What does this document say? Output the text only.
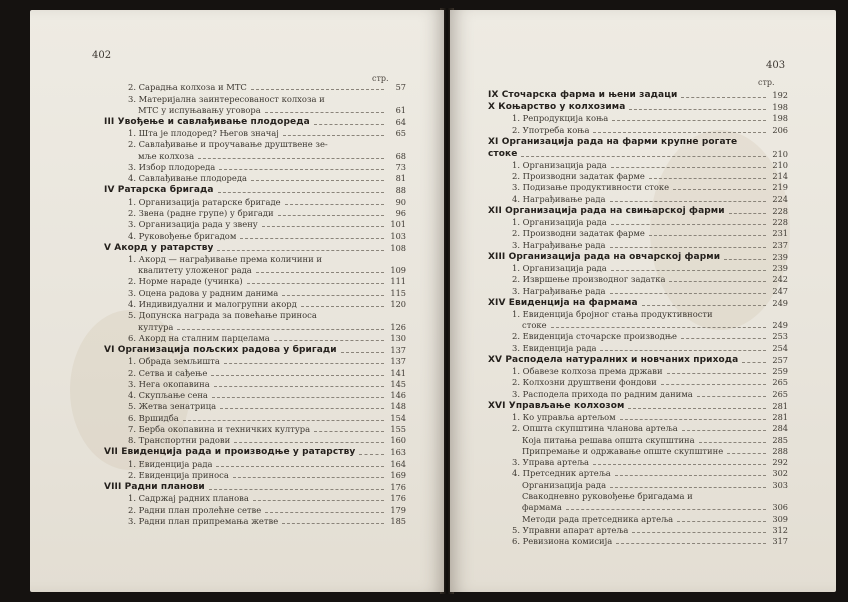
402
стр.
2. Сарадња колхоза и МТС	57
3. Материјална заинтересованост колхоза и
МТС у испуњавању уговора	61
III Увођење и савлађивање плодореда	64
1. Шта је плодоред? Његов значај	65
2. Савлађивање и проучавање друштвене зе-
мље колхоза	68
3. Избор плодореда	73
4. Савлађивање плодореда	81
IV Ратарска бригада	88
1. Организација ратарске бригаде	90
2. Звена (радне групе) у бригади	96
3. Организација рада у звену	101
4. Руковођење бригадом	103
V Акорд у ратарству	108
1. Акорд — награђивање према количини и
квалитету уложеног рада	109
2. Норме нараде (учинка)	111
3. Оцена радова у радним данима	115
4. Индивидуални и малогрупни акорд	120
5. Допунска награда за повећање приноса
култура	126
6. Акорд на сталним парцелама	130
VI Организација пољских радова у бригади	137
1. Обрада земљишта	137
2. Сетва и сађење	141
3. Нега окопавина	145
4. Скупљање сена	146
5. Жетва зенатрица	148
6. Вршидба	154
7. Берба окопавина и техничких култура	155
8. Транспортни радови	160
VII Евиденција рада и производње у ратарству	163
1. Евиденција рада	164
2. Евиденција приноса	169
VIII Радни планови	176
1. Садржај радних планова	176
2. Радни план пролећне сетве	179
3. Радни план припремања жетве	185
403
стр.
IX Сточарска фарма и њени задаци	192
X Коњарство у колхозима	198
1. Репродукција коња	198
2. Употреба коња	206
XI Организација рада на фарми крупне рогате
стоке	210
1. Организација рада	210
2. Производни задатак фарме	214
3. Подизање продуктивности стоке	219
4. Награђивање рада	224
XII Организација рада на свињарској фарми	228
1. Организација рада	228
2. Производни задатак фарме	231
3. Награђивање рада	237
XIII Организација рада на овчарској фарми	239
1. Организација рада	239
2. Извршење производног задатка	242
3. Награђивање рада	247
XIV Евиденција на фармама	249
1. Евиденција бројног стања продуктивности
стоке	249
2. Евиденција сточарске производње	253
3. Евиденција рада	254
XV Расподела натуралних и новчаних прихода	257
1. Обавезе колхоза према држави	259
2. Колхозни друштвени фондови	265
3. Расподела прихода по радним данима	265
XVI Управљање колхозом	281
1. Ко управља артељом	281
2. Општа скупштина чланова артеља	284
Која питања решава општа скупштина	285
Припремање и одржавање опште скупштине	288
3. Управа артеља	292
4. Претседник артеља	302
Организација рада	303
Свакодневно руковођење бригадама и
фармама	306
Методи рада претседника артеља	309
5. Управни апарат артеља	312
6. Ревизиона комисија	317
